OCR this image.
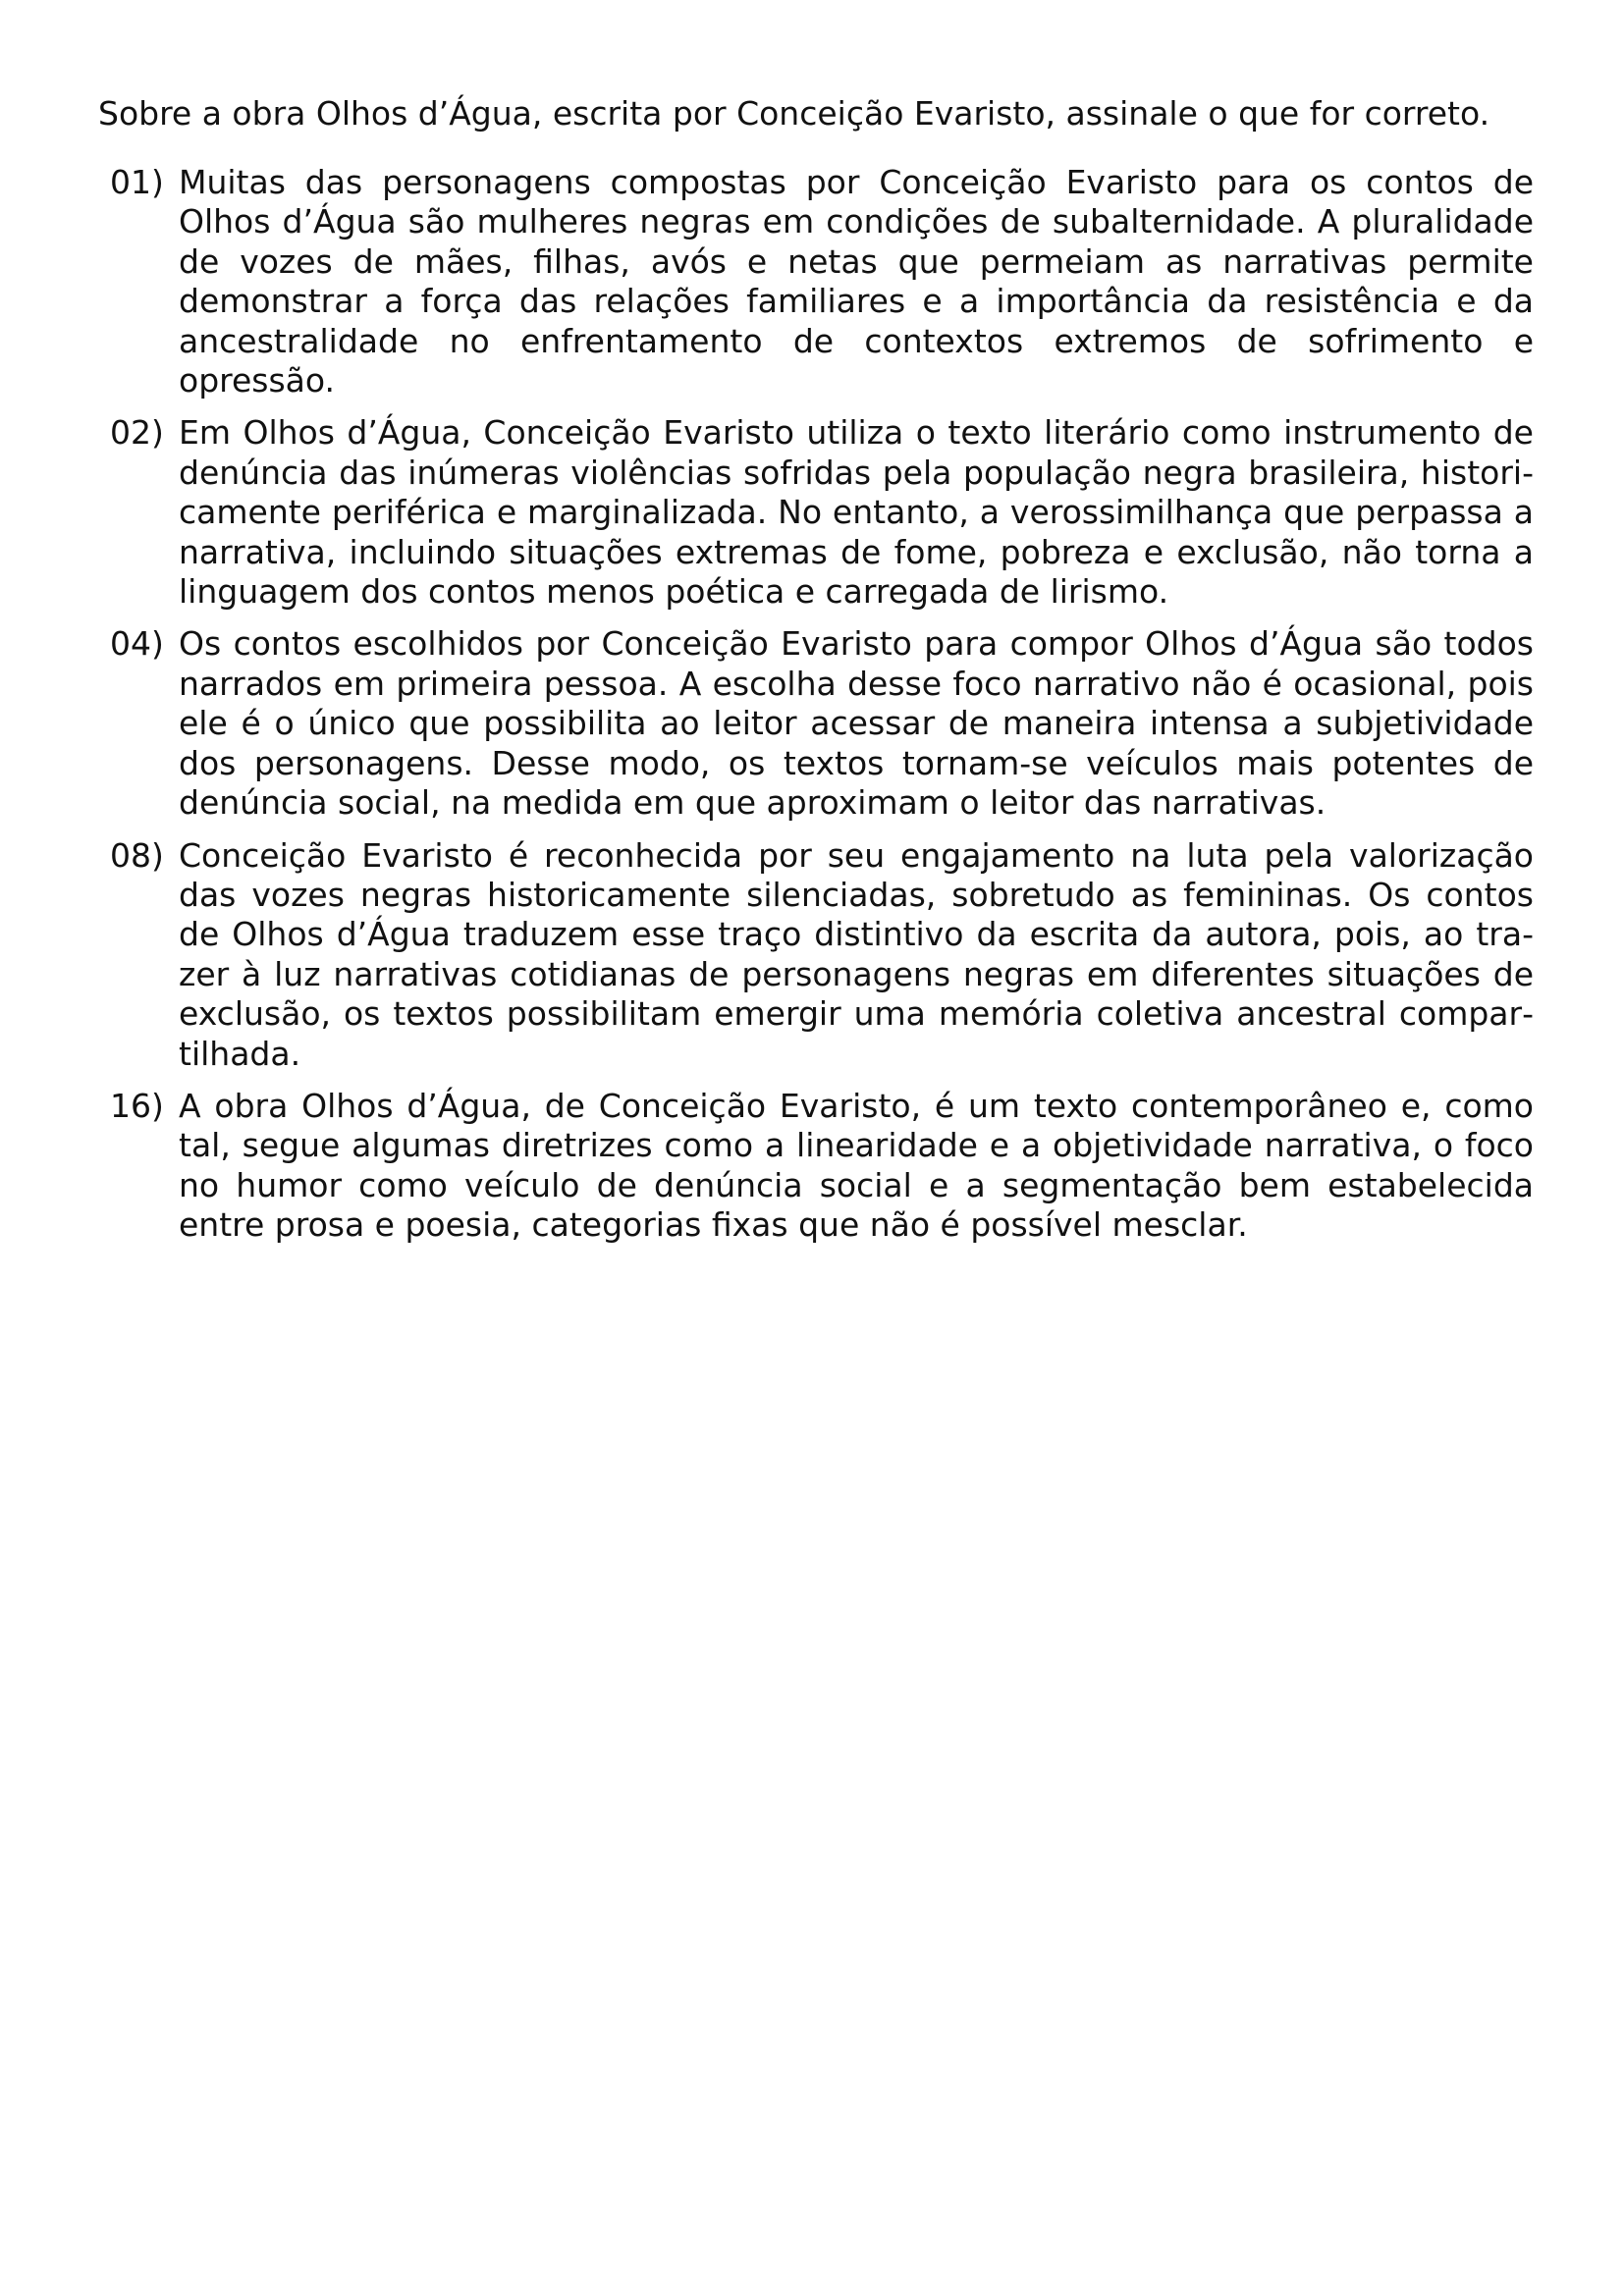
Sobre a obra Olhos d’Água, escrita por Conceição Evaristo, assinale o que for correto.

01) Muitas das personagens compostas por Conceição Evaristo para os contos de Olhos d’Água são mulheres negras em condições de subalternidade. A pluralidade de vozes de mães, filhas, avós e netas que permeiam as narrativas permite demonstrar a força das relações familiares e a importância da resistência e da ancestralidade no enfrentamento de contextos extremos de sofrimento e opressão.
02) Em Olhos d’Água, Conceição Evaristo utiliza o texto literário como instrumento de denúncia das inúmeras violências sofridas pela população negra brasileira, historicamente periférica e marginalizada. No entanto, a verossimilhança que perpassa a narrativa, incluindo situações extremas de fome, pobreza e exclusão, não torna a linguagem dos contos menos poética e carregada de lirismo.
04) Os contos escolhidos por Conceição Evaristo para compor Olhos d’Água são todos narrados em primeira pessoa. A escolha desse foco narrativo não é ocasional, pois ele é o único que possibilita ao leitor acessar de maneira intensa a subjetividade dos personagens. Desse modo, os textos tornam-se veículos mais potentes de denúncia social, na medida em que aproximam o leitor das narrativas.
08) Conceição Evaristo é reconhecida por seu engajamento na luta pela valorização das vozes negras historicamente silenciadas, sobretudo as femininas. Os contos de Olhos d’Água traduzem esse traço distintivo da escrita da autora, pois, ao trazer à luz narrativas cotidianas de personagens negras em diferentes situações de exclusão, os textos possibilitam emergir uma memória coletiva ancestral compartilhada.
16) A obra Olhos d’Água, de Conceição Evaristo, é um texto contemporâneo e, como tal, segue algumas diretrizes como a linearidade e a objetividade narrativa, o foco no humor como veículo de denúncia social e a segmentação bem estabelecida entre prosa e poesia, categorias fixas que não é possível mesclar.
